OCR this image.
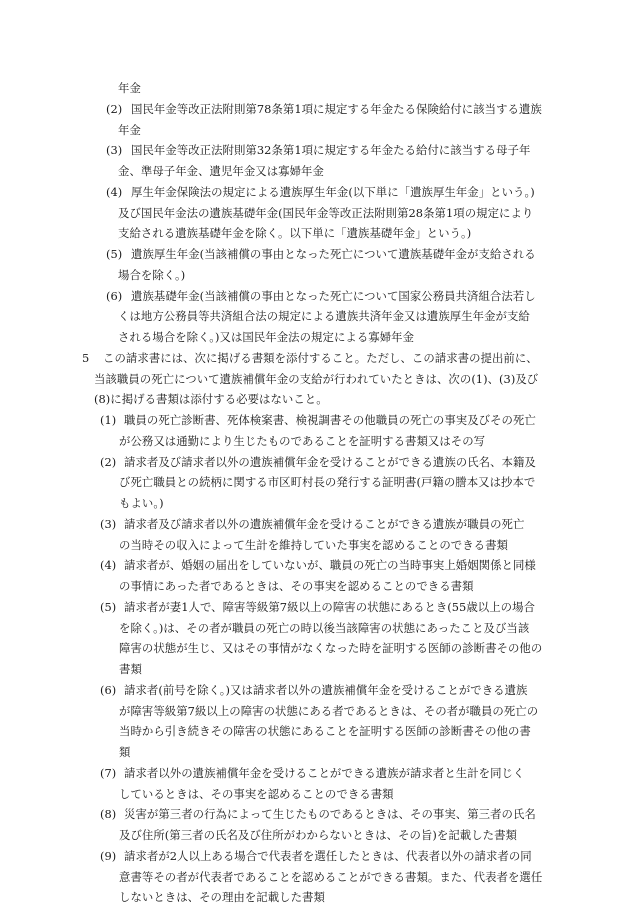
年金
(2) 国民年金等改正法附則第78条第1項に規定する年金たる保険給付に該当する遺族
年金
(3) 国民年金等改正法附則第32条第1項に規定する年金たる給付に該当する母子年
金、準母子年金、遺児年金又は寡婦年金
(4) 厚生年金保険法の規定による遺族厚生年金(以下単に「遺族厚生年金」という。)
及び国民年金法の遺族基礎年金(国民年金等改正法附則第28条第1項の規定により
支給される遺族基礎年金を除く。以下単に「遺族基礎年金」という。)
(5) 遺族厚生年金(当該補償の事由となった死亡について遺族基礎年金が支給される
場合を除く。)
(6) 遺族基礎年金(当該補償の事由となった死亡について国家公務員共済組合法若し
くは地方公務員等共済組合法の規定による遺族共済年金又は遺族厚生年金が支給
される場合を除く。)又は国民年金法の規定による寡婦年金
5 この請求書には、次に掲げる書類を添付すること。ただし、この請求書の提出前に、
当該職員の死亡について遺族補償年金の支給が行われていたときは、次の(1)、(3)及び
(8)に掲げる書類は添付する必要はないこと。
(1) 職員の死亡診断書、死体検案書、検視調書その他職員の死亡の事実及びその死亡
が公務又は通勤により生じたものであることを証明する書類又はその写
(2) 請求者及び請求者以外の遺族補償年金を受けることができる遺族の氏名、本籍及
び死亡職員との続柄に関する市区町村長の発行する証明書(戸籍の謄本又は抄本で
もよい。)
(3) 請求者及び請求者以外の遺族補償年金を受けることができる遺族が職員の死亡
の当時その収入によって生計を維持していた事実を認めることのできる書類
(4) 請求者が、婚姻の届出をしていないが、職員の死亡の当時事実上婚姻関係と同様
の事情にあった者であるときは、その事実を認めることのできる書類
(5) 請求者が妻1人で、障害等級第7級以上の障害の状態にあるとき(55歳以上の場合
を除く。)は、その者が職員の死亡の時以後当該障害の状態にあったこと及び当該
障害の状態が生じ、又はその事情がなくなった時を証明する医師の診断書その他の
書類
(6) 請求者(前号を除く。)又は請求者以外の遺族補償年金を受けることができる遺族
が障害等級第7級以上の障害の状態にある者であるときは、その者が職員の死亡の
当時から引き続きその障害の状態にあることを証明する医師の診断書その他の書
類
(7) 請求者以外の遺族補償年金を受けることができる遺族が請求者と生計を同じく
しているときは、その事実を認めることのできる書類
(8) 災害が第三者の行為によって生じたものであるときは、その事実、第三者の氏名
及び住所(第三者の氏名及び住所がわからないときは、その旨)を記載した書類
(9) 請求者が2人以上ある場合で代表者を選任したときは、代表者以外の請求者の同
意書等その者が代表者であることを認めることができる書類。また、代表者を選任
しないときは、その理由を記載した書類
